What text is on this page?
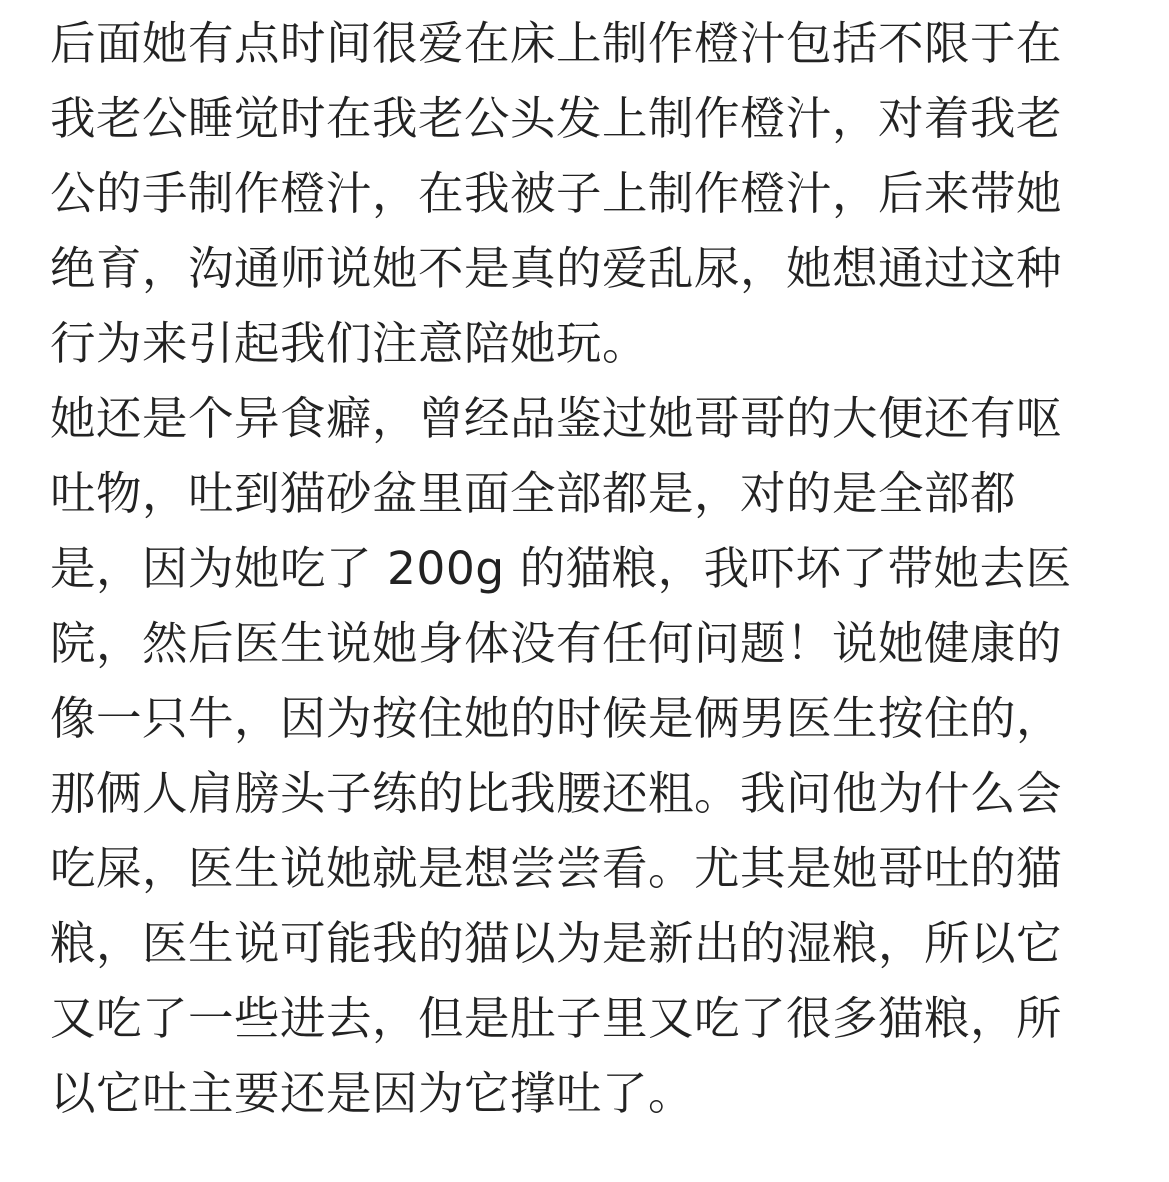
后面她有点时间很爱在床上制作橙汁包括不限于在
我老公睡觉时在我老公头发上制作橙汁，对着我老
公的手制作橙汁，在我被子上制作橙汁，后来带她
绝育，沟通师说她不是真的爱乱尿，她想通过这种
行为来引起我们注意陪她玩。
她还是个异食癖，曾经品鉴过她哥哥的大便还有呕
吐物，吐到猫砂盆里面全部都是，对的是全部都
是，因为她吃了 200g 的猫粮，我吓坏了带她去医
院，然后医生说她身体没有任何问题！说她健康的
像一只牛，因为按住她的时候是俩男医生按住的，
那俩人肩膀头子练的比我腰还粗。我问他为什么会
吃屎，医生说她就是想尝尝看。尤其是她哥吐的猫
粮，医生说可能我的猫以为是新出的湿粮，所以它
又吃了一些进去，但是肚子里又吃了很多猫粮，所
以它吐主要还是因为它撑吐了。
